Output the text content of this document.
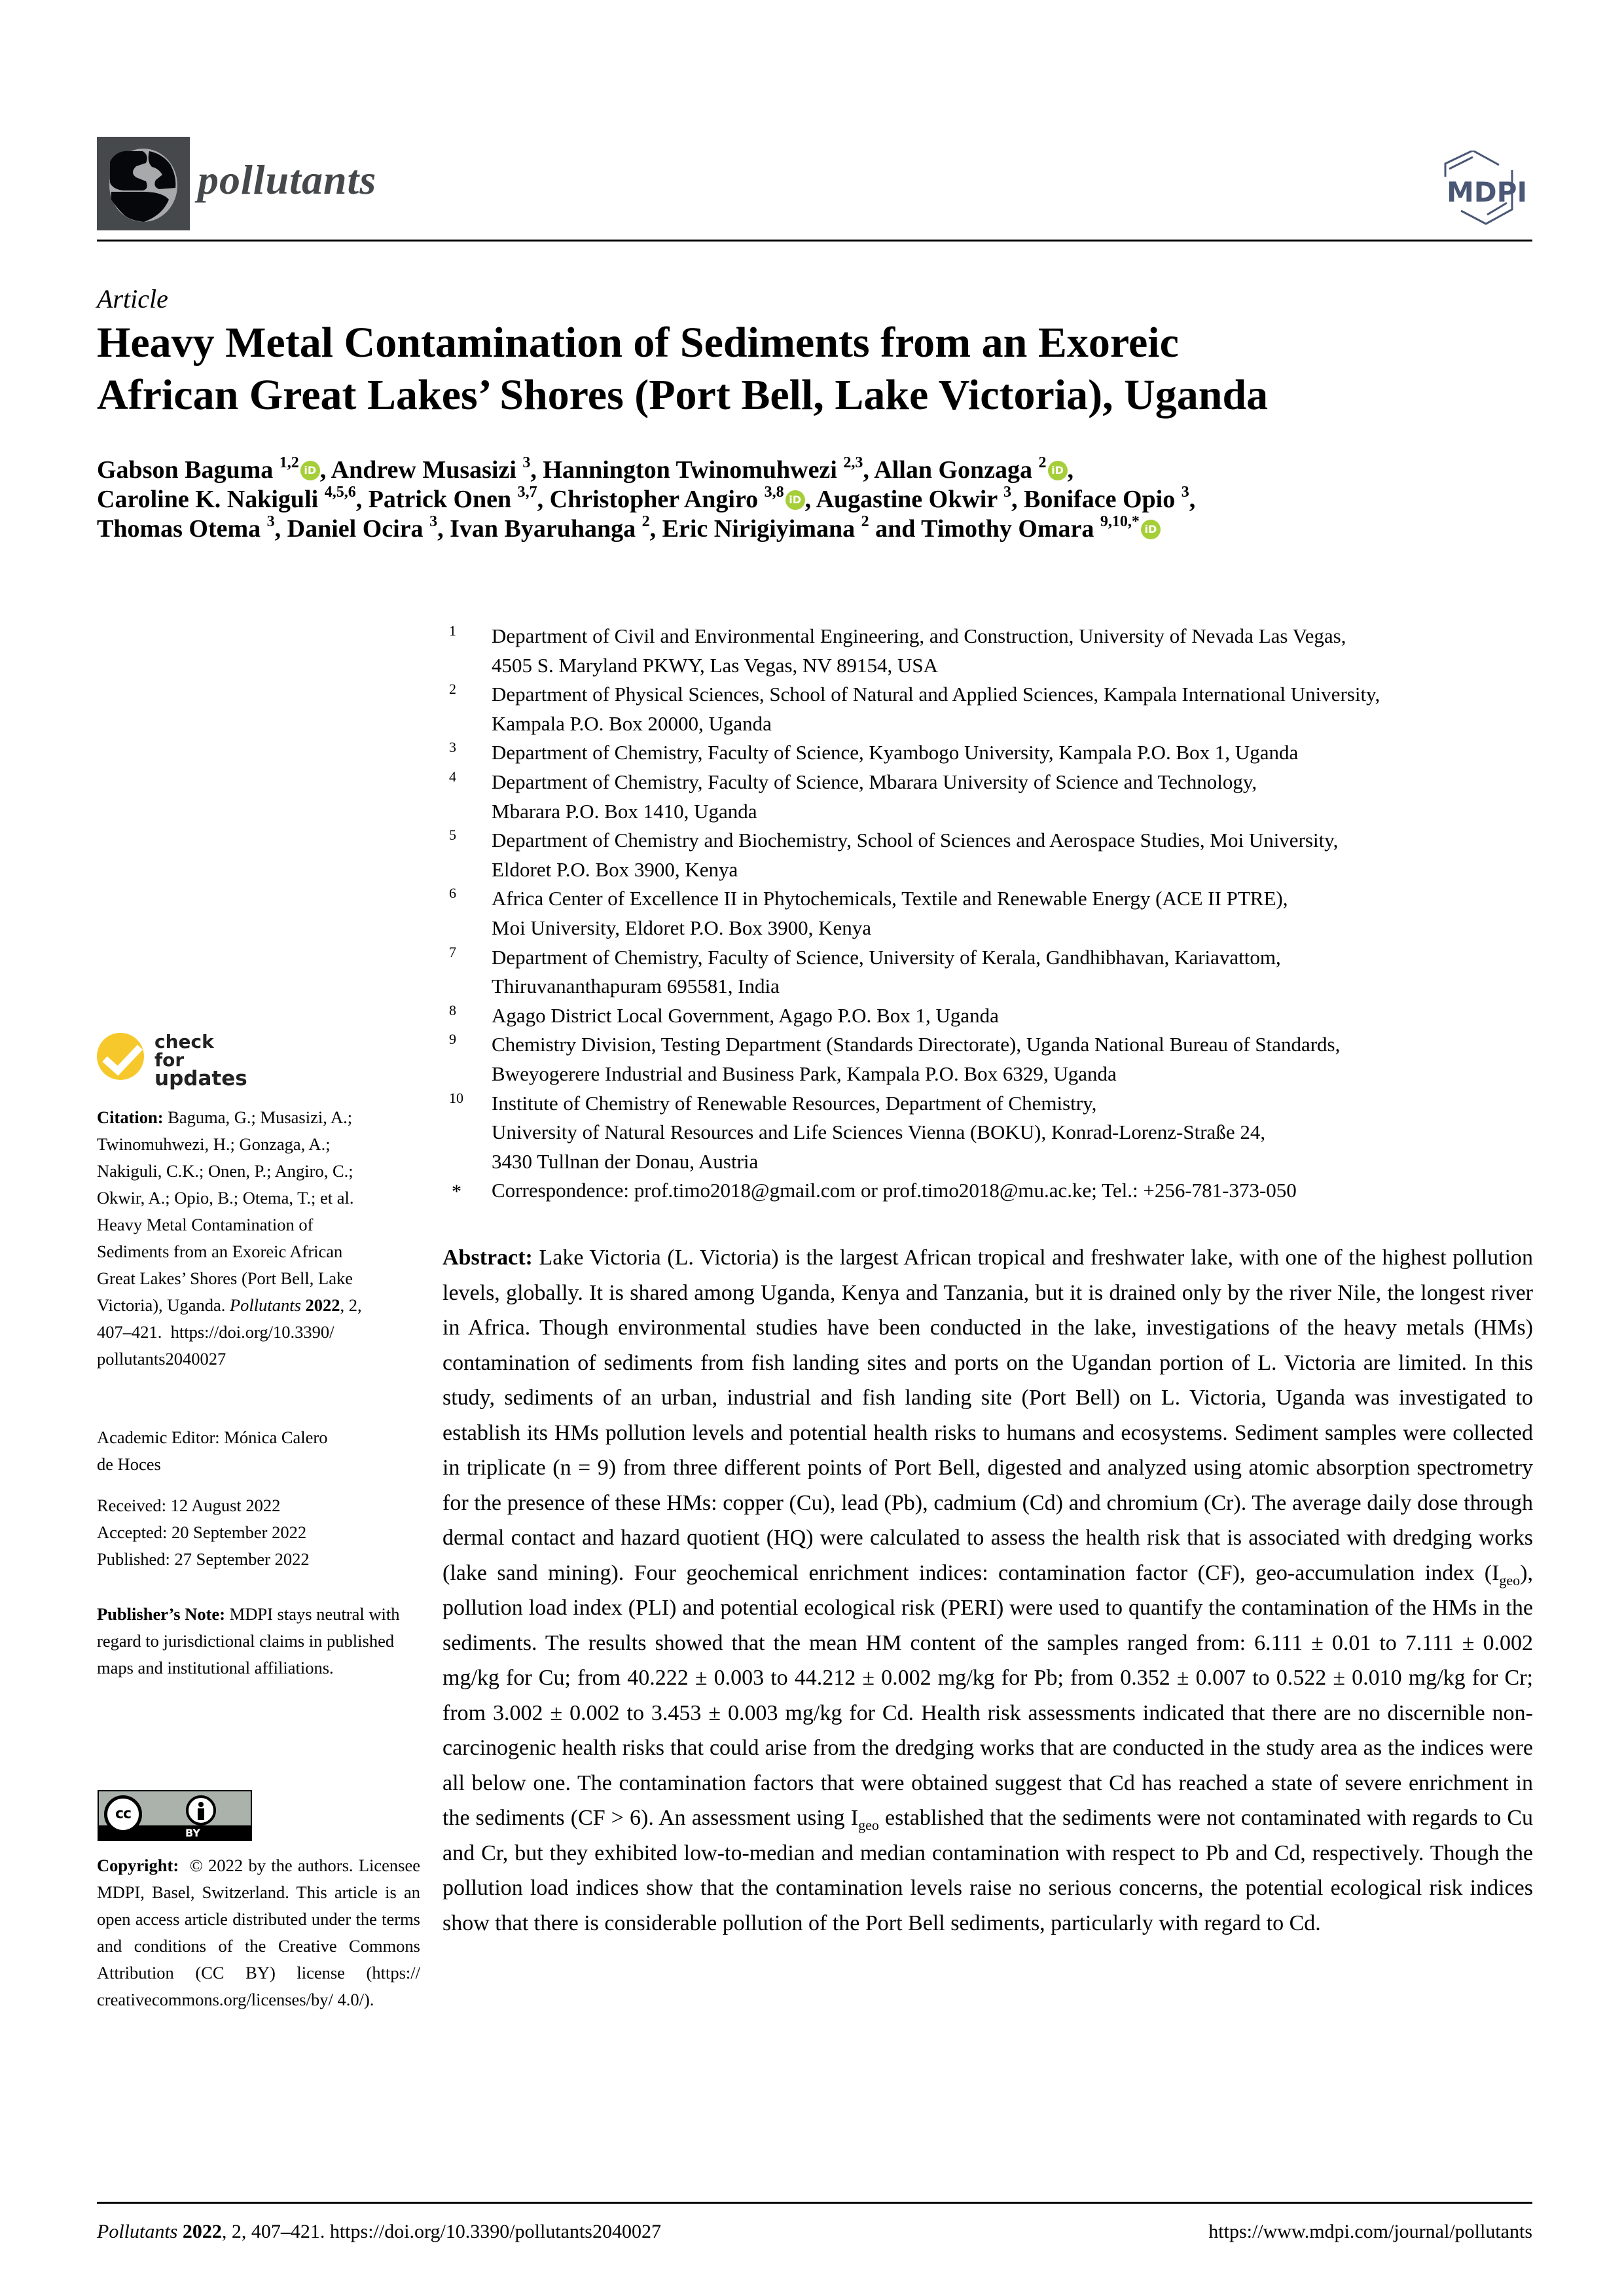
pollutants	MDPI
Article
Heavy Metal Contamination of Sediments from an Exoreic
African Great Lakes’ Shores (Port Bell, Lake Victoria), Uganda
Gabson Baguma $^{1,2}$ iD , Andrew Musasizi $^3$, Hannington Twinomuhwezi $^{2,3}$, Allan Gonzaga $^2$ iD ,
Caroline K. Nakiguli $^{4,5,6}$, Patrick Onen $^{3,7}$, Christopher Angiro $^{3,8}$ iD , Augastine Okwir $^3$, Boniface Opio $^3$,
Thomas Otema $^3$, Daniel Ocira $^3$, Ivan Byaruhanga $^2$, Eric Nirigiyimana $^2$ and Timothy Omara $^{9,10,*}$ iD
1 Department of Civil and Environmental Engineering, and Construction, University of Nevada Las Vegas,
4505 S. Maryland PKWY, Las Vegas, NV 89154, USA
2 Department of Physical Sciences, School of Natural and Applied Sciences, Kampala International University,
Kampala P.O. Box 20000, Uganda
3 Department of Chemistry, Faculty of Science, Kyambogo University, Kampala P.O. Box 1, Uganda
4 Department of Chemistry, Faculty of Science, Mbarara University of Science and Technology,
Mbarara P.O. Box 1410, Uganda
5 Department of Chemistry and Biochemistry, School of Sciences and Aerospace Studies, Moi University,
Eldoret P.O. Box 3900, Kenya
6 Africa Center of Excellence II in Phytochemicals, Textile and Renewable Energy (ACE II PTRE),
Moi University, Eldoret P.O. Box 3900, Kenya
7 Department of Chemistry, Faculty of Science, University of Kerala, Gandhibhavan, Kariavattom,
Thiruvananthapuram 695581, India
8 Agago District Local Government, Agago P.O. Box 1, Uganda
9 Chemistry Division, Testing Department (Standards Directorate), Uganda National Bureau of Standards,
Bweyogerere Industrial and Business Park, Kampala P.O. Box 6329, Uganda
10 Institute of Chemistry of Renewable Resources, Department of Chemistry,
University of Natural Resources and Life Sciences Vienna (BOKU), Konrad-Lorenz-Straße 24,
3430 Tullnan der Donau, Austria
* Correspondence: prof.timo2018@gmail.com or prof.timo2018@mu.ac.ke; Tel.: +256-781-373-050
check for
updates
Citation: Baguma, G.; Musasizi, A.;
Twinomuhwezi, H.; Gonzaga, A.;
Nakiguli, C.K.; Onen, P.; Angiro, C.;
Okwir, A.; Opio, B.; Otema, T.; et al.
Heavy Metal Contamination of
Sediments from an Exoreic African
Great Lakes’ Shores (Port Bell, Lake
Victoria), Uganda. Pollutants 2022, 2,
407–421. https://doi.org/10.3390/
pollutants2040027
Academic Editor: Mónica Calero
de Hoces
Received: 12 August 2022
Accepted: 20 September 2022
Published: 27 September 2022
Publisher’s Note: MDPI stays neutral with regard to jurisdictional claims in published maps and institutional affiliations.
cc
BY
Copyright: © 2022 by the authors. Licensee MDPI, Basel, Switzerland. This article is an open access article distributed under the terms and conditions of the Creative Commons Attribution (CC BY) license (https:// creativecommons.org/licenses/by/ 4.0/).
Abstract: Lake Victoria (L. Victoria) is the largest African tropical and freshwater lake, with one of the highest pollution levels, globally. It is shared among Uganda, Kenya and Tanzania, but it is drained only by the river Nile, the longest river in Africa. Though environmental studies have been conducted in the lake, investigations of the heavy metals (HMs) contamination of sediments from fish landing sites and ports on the Ugandan portion of L. Victoria are limited. In this study, sediments of an urban, industrial and fish landing site (Port Bell) on L. Victoria, Uganda was investigated to establish its HMs pollution levels and potential health risks to humans and ecosystems. Sediment samples were collected in triplicate (n = 9) from three different points of Port Bell, digested and analyzed using atomic absorption spectrometry for the presence of these HMs: copper (Cu), lead (Pb), cadmium (Cd) and chromium (Cr). The average daily dose through dermal contact and hazard quotient (HQ) were calculated to assess the health risk that is associated with dredging works (lake sand mining). Four geochemical enrichment indices: contamination factor (CF), geo-accumulation index $(I_{geo})$, pollution load index (PLI) and potential ecological risk (PERI) were used to quantify the contamination of the HMs in the sediments. The results showed that the mean HM content of the samples ranged from: 6.111 ± 0.01 to 7.111 ± 0.002 mg/kg for Cu; from 40.222 ± 0.003 to 44.212 ± 0.002 mg/kg for Pb; from 0.352 ± 0.007 to 0.522 ± 0.010 mg/kg for Cr; from 3.002 ± 0.002 to 3.453 ± 0.003 mg/kg for Cd. Health risk assessments indicated that there are no discernible non-carcinogenic health risks that could arise from the dredging works that are conducted in the study area as the indices were all below one. The contamination factors that were obtained suggest that Cd has reached a state of severe enrichment in the sediments (CF > 6). An assessment using $I_{geo}$ established that the sediments were not contaminated with regards to Cu and Cr, but they exhibited low-to-median and median contamination with respect to Pb and Cd, respectively. Though the pollution load indices show that the contamination levels raise no serious concerns, the potential ecological risk indices show that there is considerable pollution of the Port Bell sediments, particularly with regard to Cd.
Pollutants 2022, 2, 407–421. https://doi.org/10.3390/pollutants2040027	https://www.mdpi.com/journal/pollutants
